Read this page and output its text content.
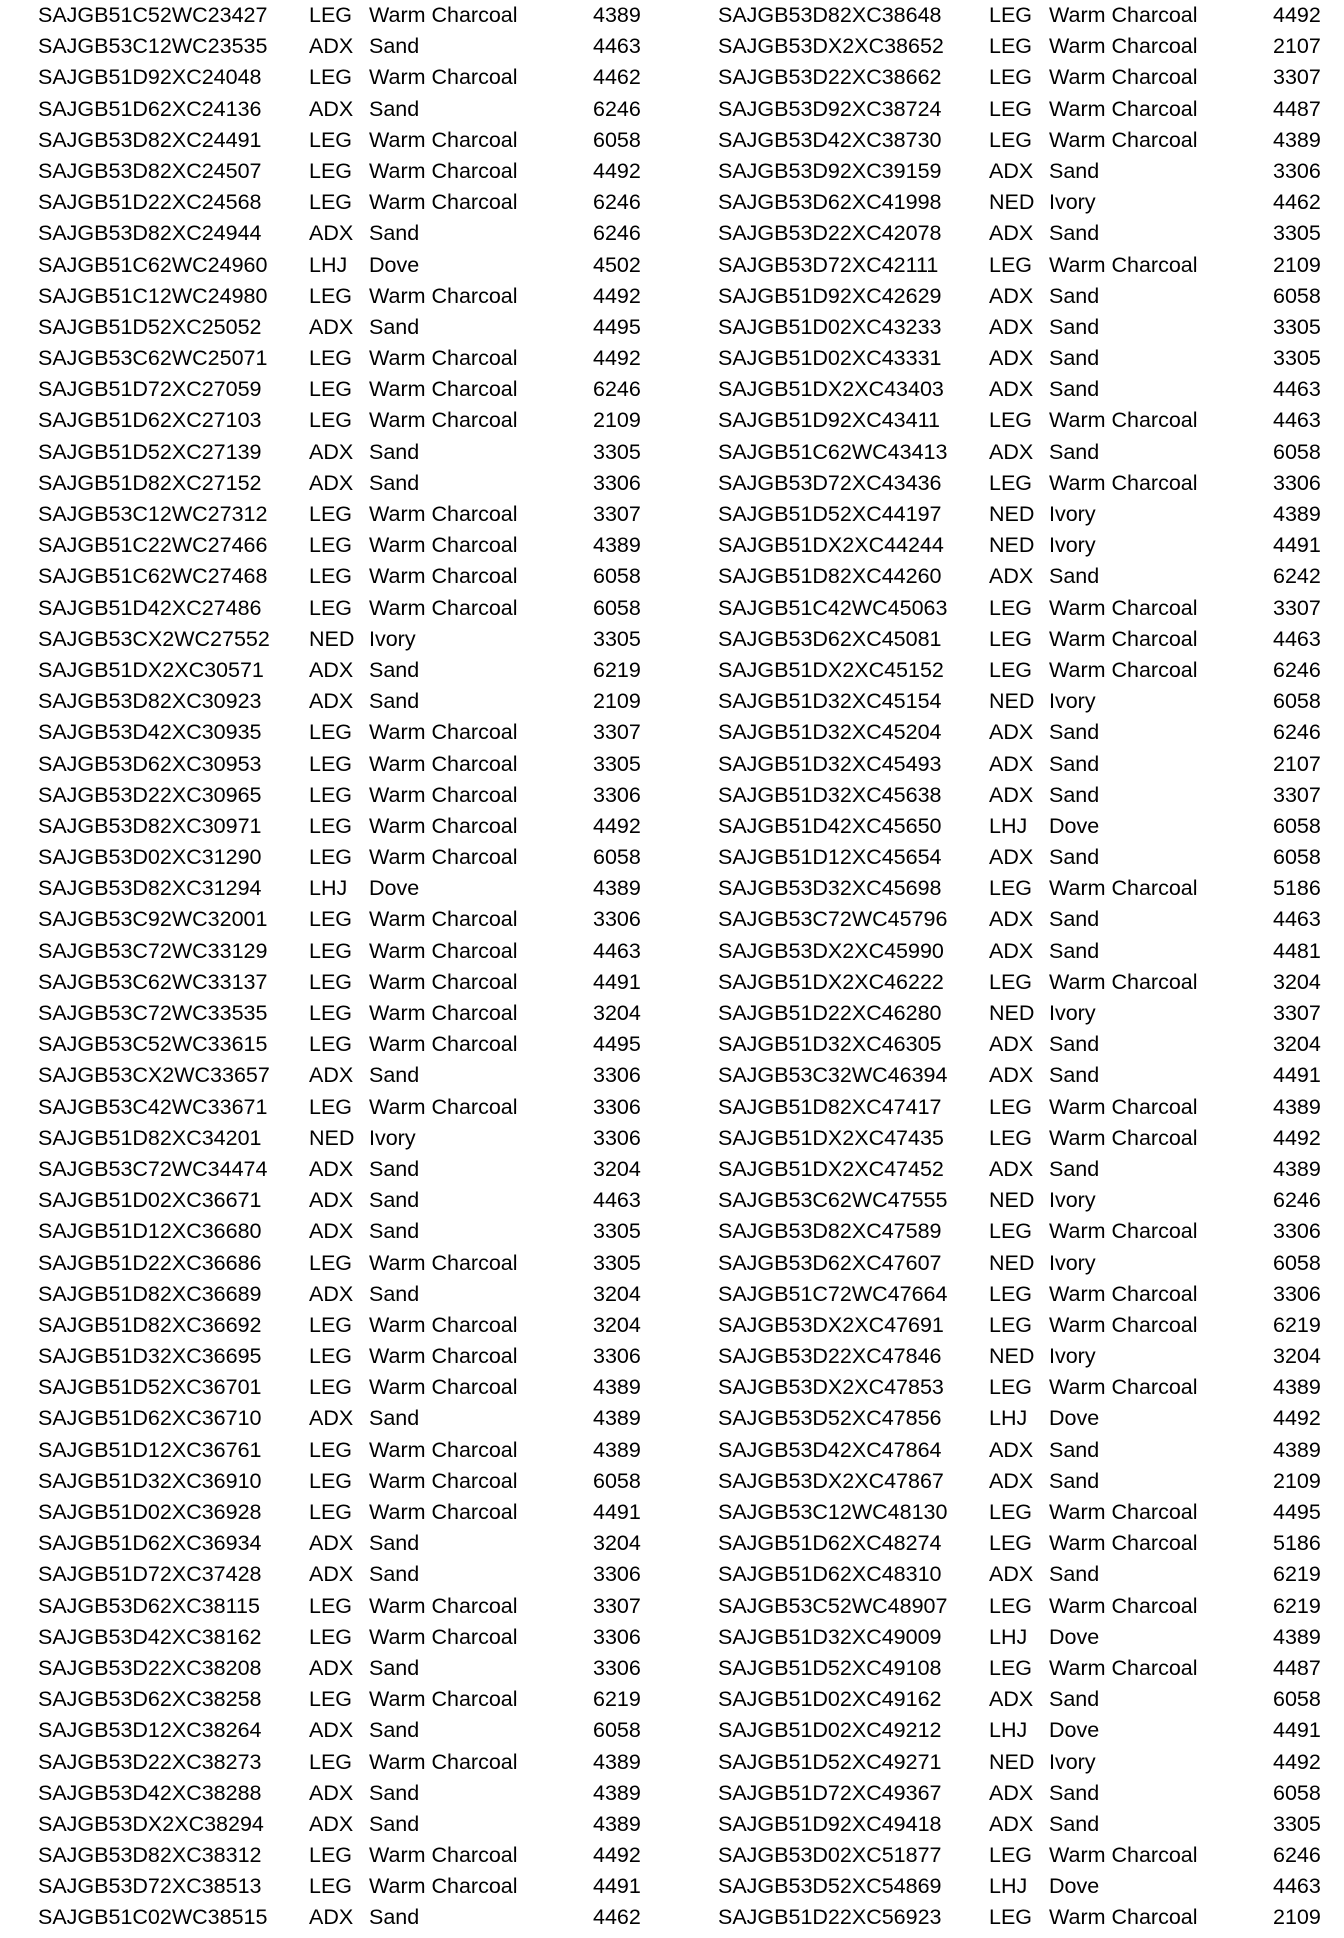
SAJGB51C52WC23427 LEG Warm Charcoal	4389
SAJGB53C12WC23535 ADX Sand	4463
SAJGB51D92XC24048 LEG Warm Charcoal	4462
SAJGB51D62XC24136 ADX Sand	6246
SAJGB53D82XC24491 LEG Warm Charcoal	6058
SAJGB53D82XC24507 LEG Warm Charcoal	4492
SAJGB51D22XC24568 LEG Warm Charcoal	6246
SAJGB53D82XC24944 ADX Sand	6246
SAJGB51C62WC24960 LHJ Dove	4502
SAJGB51C12WC24980 LEG Warm Charcoal	4492
SAJGB51D52XC25052 ADX Sand	4495
SAJGB53C62WC25071 LEG Warm Charcoal	4492
SAJGB51D72XC27059 LEG Warm Charcoal	6246
SAJGB51D62XC27103 LEG Warm Charcoal	2109
SAJGB51D52XC27139 ADX Sand	3305
SAJGB51D82XC27152 ADX Sand	3306
SAJGB53C12WC27312 LEG Warm Charcoal	3307
SAJGB51C22WC27466 LEG Warm Charcoal	4389
SAJGB51C62WC27468 LEG Warm Charcoal	6058
SAJGB51D42XC27486 LEG Warm Charcoal	6058
SAJGB53CX2WC27552 NED Ivory	3305
SAJGB51DX2XC30571 ADX Sand	6219
SAJGB53D82XC30923 ADX Sand	2109
SAJGB53D42XC30935 LEG Warm Charcoal	3307
SAJGB53D62XC30953 LEG Warm Charcoal	3305
SAJGB53D22XC30965 LEG Warm Charcoal	3306
SAJGB53D82XC30971 LEG Warm Charcoal	4492
SAJGB53D02XC31290 LEG Warm Charcoal	6058
SAJGB53D82XC31294 LHJ Dove	4389
SAJGB53C92WC32001 LEG Warm Charcoal	3306
SAJGB53C72WC33129 LEG Warm Charcoal	4463
SAJGB53C62WC33137 LEG Warm Charcoal	4491
SAJGB53C72WC33535 LEG Warm Charcoal	3204
SAJGB53C52WC33615 LEG Warm Charcoal	4495
SAJGB53CX2WC33657 ADX Sand	3306
SAJGB53C42WC33671 LEG Warm Charcoal	3306
SAJGB51D82XC34201 NED Ivory	3306
SAJGB53C72WC34474 ADX Sand	3204
SAJGB51D02XC36671 ADX Sand	4463
SAJGB51D12XC36680 ADX Sand	3305
SAJGB51D22XC36686 LEG Warm Charcoal	3305
SAJGB51D82XC36689 ADX Sand	3204
SAJGB51D82XC36692 LEG Warm Charcoal	3204
SAJGB51D32XC36695 LEG Warm Charcoal	3306
SAJGB51D52XC36701 LEG Warm Charcoal	4389
SAJGB51D62XC36710 ADX Sand	4389
SAJGB51D12XC36761 LEG Warm Charcoal	4389
SAJGB51D32XC36910 LEG Warm Charcoal	6058
SAJGB51D02XC36928 LEG Warm Charcoal	4491
SAJGB51D62XC36934 ADX Sand	3204
SAJGB51D72XC37428 ADX Sand	3306
SAJGB53D62XC38115 LEG Warm Charcoal	3307
SAJGB53D42XC38162 LEG Warm Charcoal	3306
SAJGB53D22XC38208 ADX Sand	3306
SAJGB53D62XC38258 LEG Warm Charcoal	6219
SAJGB53D12XC38264 ADX Sand	6058
SAJGB53D22XC38273 LEG Warm Charcoal	4389
SAJGB53D42XC38288 ADX Sand	4389
SAJGB53DX2XC38294 ADX Sand	4389
SAJGB53D82XC38312 LEG Warm Charcoal	4492
SAJGB53D72XC38513 LEG Warm Charcoal	4491
SAJGB51C02WC38515 ADX Sand	4462
SAJGB53D82XC38648 LEG Warm Charcoal	4492
SAJGB53DX2XC38652 LEG Warm Charcoal	2107
SAJGB53D22XC38662 LEG Warm Charcoal	3307
SAJGB53D92XC38724 LEG Warm Charcoal	4487
SAJGB53D42XC38730 LEG Warm Charcoal	4389
SAJGB53D92XC39159 ADX Sand	3306
SAJGB53D62XC41998 NED Ivory	4462
SAJGB53D22XC42078 ADX Sand	3305
SAJGB53D72XC42111 LEG Warm Charcoal	2109
SAJGB51D92XC42629 ADX Sand	6058
SAJGB51D02XC43233 ADX Sand	3305
SAJGB51D02XC43331 ADX Sand	3305
SAJGB51DX2XC43403 ADX Sand	4463
SAJGB51D92XC43411 LEG Warm Charcoal	4463
SAJGB51C62WC43413 ADX Sand	6058
SAJGB53D72XC43436 LEG Warm Charcoal	3306
SAJGB51D52XC44197 NED Ivory	4389
SAJGB51DX2XC44244 NED Ivory	4491
SAJGB51D82XC44260 ADX Sand	6242
SAJGB51C42WC45063 LEG Warm Charcoal	3307
SAJGB53D62XC45081 LEG Warm Charcoal	4463
SAJGB51DX2XC45152 LEG Warm Charcoal	6246
SAJGB51D32XC45154 NED Ivory	6058
SAJGB51D32XC45204 ADX Sand	6246
SAJGB51D32XC45493 ADX Sand	2107
SAJGB51D32XC45638 ADX Sand	3307
SAJGB51D42XC45650 LHJ Dove	6058
SAJGB51D12XC45654 ADX Sand	6058
SAJGB53D32XC45698 LEG Warm Charcoal	5186
SAJGB53C72WC45796 ADX Sand	4463
SAJGB53DX2XC45990 ADX Sand	4481
SAJGB51DX2XC46222 LEG Warm Charcoal	3204
SAJGB51D22XC46280 NED Ivory	3307
SAJGB51D32XC46305 ADX Sand	3204
SAJGB53C32WC46394 ADX Sand	4491
SAJGB51D82XC47417 LEG Warm Charcoal	4389
SAJGB51DX2XC47435 LEG Warm Charcoal	4492
SAJGB51DX2XC47452 ADX Sand	4389
SAJGB53C62WC47555 NED Ivory	6246
SAJGB53D82XC47589 LEG Warm Charcoal	3306
SAJGB53D62XC47607 NED Ivory	6058
SAJGB51C72WC47664 LEG Warm Charcoal	3306
SAJGB53DX2XC47691 LEG Warm Charcoal	6219
SAJGB53D22XC47846 NED Ivory	3204
SAJGB53DX2XC47853 LEG Warm Charcoal	4389
SAJGB53D52XC47856 LHJ Dove	4492
SAJGB53D42XC47864 ADX Sand	4389
SAJGB53DX2XC47867 ADX Sand	2109
SAJGB53C12WC48130 LEG Warm Charcoal	4495
SAJGB51D62XC48274 LEG Warm Charcoal	5186
SAJGB51D62XC48310 ADX Sand	6219
SAJGB53C52WC48907 LEG Warm Charcoal	6219
SAJGB51D32XC49009 LHJ Dove	4389
SAJGB51D52XC49108 LEG Warm Charcoal	4487
SAJGB51D02XC49162 ADX Sand	6058
SAJGB51D02XC49212 LHJ Dove	4491
SAJGB51D52XC49271 NED Ivory	4492
SAJGB51D72XC49367 ADX Sand	6058
SAJGB51D92XC49418 ADX Sand	3305
SAJGB53D02XC51877 LEG Warm Charcoal	6246
SAJGB53D52XC54869 LHJ Dove	4463
SAJGB51D22XC56923 LEG Warm Charcoal	2109
